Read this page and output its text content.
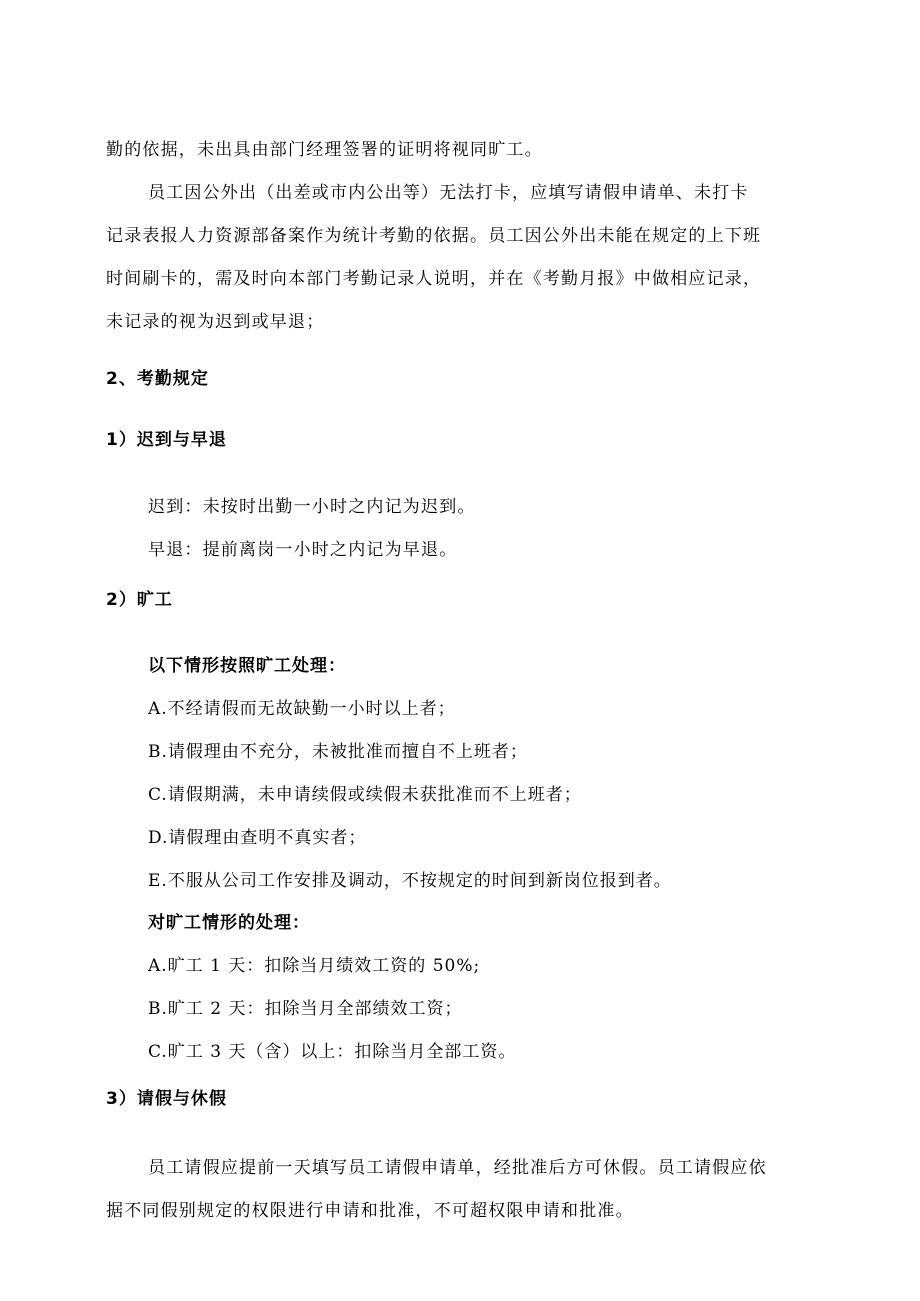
勤的依据，未出具由部门经理签署的证明将视同旷工。
员工因公外出（出差或市内公出等）无法打卡，应填写请假申请单、未打卡
记录表报人力资源部备案作为统计考勤的依据。员工因公外出未能在规定的上下班
时间刷卡的，需及时向本部门考勤记录人说明，并在《考勤月报》中做相应记录，
未记录的视为迟到或早退；
2、考勤规定
1）迟到与早退
迟到：未按时出勤一小时之内记为迟到。
早退：提前离岗一小时之内记为早退。
2）旷工
以下情形按照旷工处理：
A.不经请假而无故缺勤一小时以上者；
B.请假理由不充分，未被批准而擅自不上班者；
C.请假期满，未申请续假或续假未获批准而不上班者；
D.请假理由查明不真实者；
E.不服从公司工作安排及调动，不按规定的时间到新岗位报到者。
对旷工情形的处理：
A.旷工 1 天：扣除当月绩效工资的 50%;
B.旷工 2 天：扣除当月全部绩效工资；
C.旷工 3 天（含）以上：扣除当月全部工资。
3）请假与休假
员工请假应提前一天填写员工请假申请单，经批准后方可休假。员工请假应依
据不同假别规定的权限进行申请和批准，不可超权限申请和批准。
